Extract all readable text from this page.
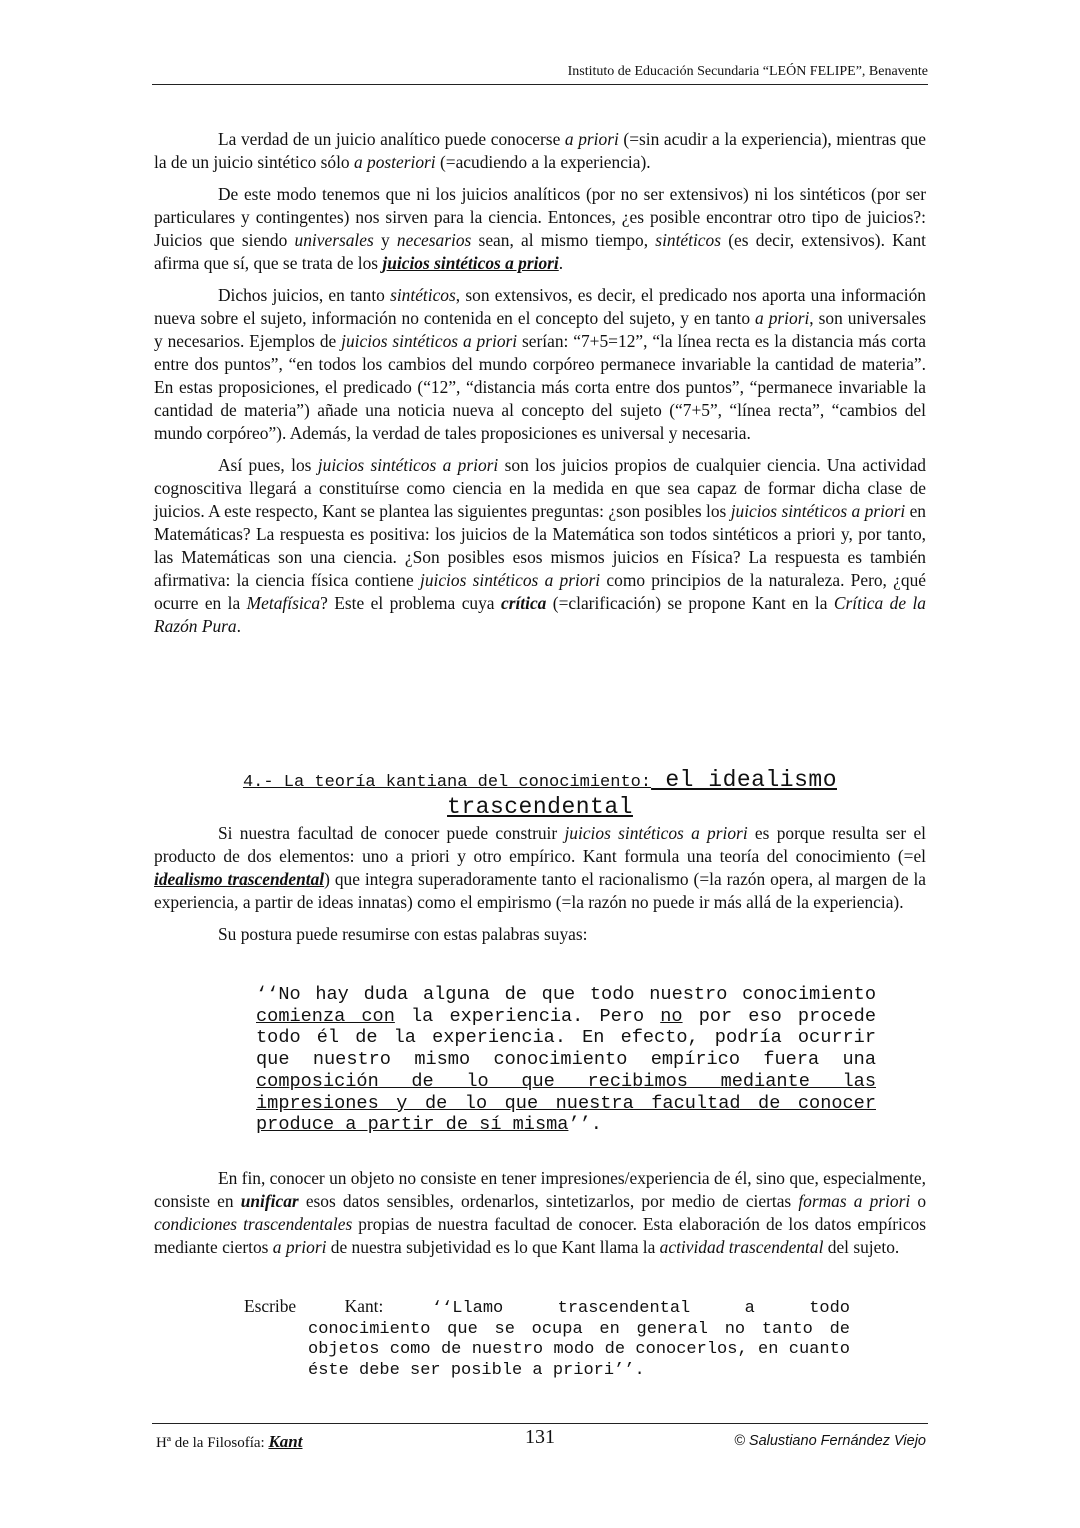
Instituto de Educación Secundaria “LEÓN FELIPE”, Benavente

La verdad de un juicio analítico puede conocerse a priori (=sin acudir a la experiencia), mientras que la de un juicio sintético sólo a posteriori (=acudiendo a la experiencia).

De este modo tenemos que ni los juicios analíticos (por no ser extensivos) ni los sintéticos (por ser particulares y contingentes) nos sirven para la ciencia. Entonces, ¿es posible encontrar otro tipo de juicios?: Juicios que siendo universales y necesarios sean, al mismo tiempo, sintéticos (es decir, extensivos). Kant afirma que sí, que se trata de los juicios sintéticos a priori.

Dichos juicios, en tanto sintéticos, son extensivos, es decir, el predicado nos aporta una información nueva sobre el sujeto, información no contenida en el concepto del sujeto, y en tanto a priori, son universales y necesarios. Ejemplos de juicios sintéticos a priori serían: “7+5=12”, “la línea recta es la distancia más corta entre dos puntos”, “en todos los cambios del mundo corpóreo permanece invariable la cantidad de materia”. En estas proposiciones, el predicado (“12”, “distancia más corta entre dos puntos”, “permanece invariable la cantidad de materia”) añade una noticia nueva al concepto del sujeto (“7+5”, “línea recta”, “cambios del mundo corpóreo”). Además, la verdad de tales proposiciones es universal y necesaria.

Así pues, los juicios sintéticos a priori son los juicios propios de cualquier ciencia. Una actividad cognoscitiva llegará a constituírse como ciencia en la medida en que sea capaz de formar dicha clase de juicios. A este respecto, Kant se plantea las siguientes preguntas: ¿son posibles los juicios sintéticos a priori en Matemáticas? La respuesta es positiva: los juicios de la Matemática son todos sintéticos a priori y, por tanto, las Matemáticas son una ciencia. ¿Son posibles esos mismos juicios en Física? La respuesta es también afirmativa: la ciencia física contiene juicios sintéticos a priori como principios de la naturaleza. Pero, ¿qué ocurre en la Metafísica? Este el problema cuya crítica (=clarificación) se propone Kant en la Crítica de la Razón Pura.

4.- La teoría kantiana del conocimiento: el idealismo
trascendental

Si nuestra facultad de conocer puede construir juicios sintéticos a priori es porque resulta ser el producto de dos elementos: uno a priori y otro empírico. Kant formula una teoría del conocimiento (=el idealismo trascendental) que integra superadoramente tanto el racionalismo (=la razón opera, al margen de la experiencia, a partir de ideas innatas) como el empirismo (=la razón no puede ir más allá de la experiencia).

Su postura puede resumirse con estas palabras suyas:

‘‘No hay duda alguna de que todo nuestro conocimiento comienza con la experiencia. Pero no por eso procede todo él de la experiencia. En efecto, podría ocurrir que nuestro mismo conocimiento empírico fuera una composición de lo que recibimos mediante las impresiones y de lo que nuestra facultad de conocer produce a partir de sí misma’’.

En fin, conocer un objeto no consiste en tener impresiones/experiencia de él, sino que, especialmente, consiste en unificar esos datos sensibles, ordenarlos, sintetizarlos, por medio de ciertas formas a priori o condiciones trascendentales propias de nuestra facultad de conocer. Esta elaboración de los datos empíricos mediante ciertos a priori de nuestra subjetividad es lo que Kant llama la actividad trascendental del sujeto.

Escribe Kant:	‘‘Llamo trascendental a todo
conocimiento que se ocupa en general no tanto de objetos como de nuestro modo de conocerlos, en cuanto éste debe ser posible a priori’’.
Hª de la Filosofía: Kant	131	© Salustiano Fernández Viejo
